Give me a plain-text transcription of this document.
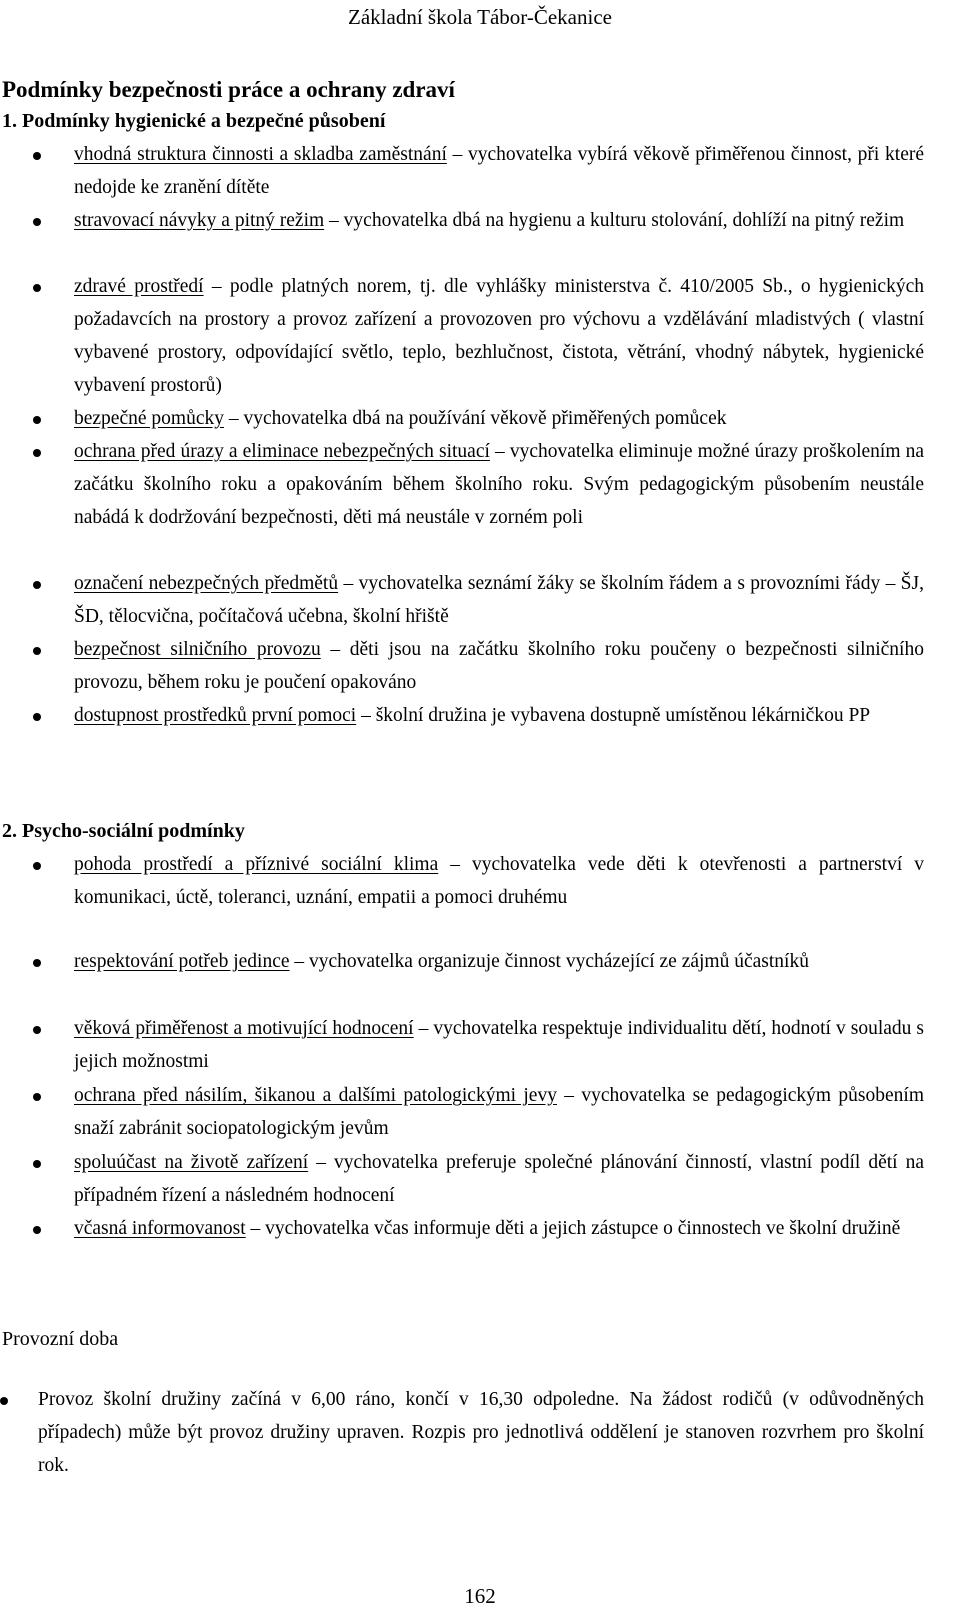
Základní škola Tábor-Čekanice
Podmínky bezpečnosti práce a ochrany zdraví
1. Podmínky hygienické a bezpečné působení
vhodná struktura činnosti a skladba zaměstnání – vychovatelka vybírá věkově přiměřenou činnost, při které nedojde ke zranění dítěte
stravovací návyky a pitný režim – vychovatelka dbá na hygienu a kulturu stolování, dohlíží na pitný režim
zdravé prostředí – podle platných norem, tj. dle vyhlášky ministerstva č. 410/2005 Sb., o hygienických požadavcích na prostory a provoz zařízení a provozoven pro výchovu a vzdělávání mladistvých ( vlastní vybavené prostory, odpovídající světlo, teplo, bezhlučnost, čistota, větrání, vhodný nábytek, hygienické vybavení prostorů)
bezpečné pomůcky – vychovatelka dbá na používání věkově přiměřených pomůcek
ochrana před úrazy a eliminace nebezpečných situací – vychovatelka eliminuje možné úrazy proškolením na začátku školního roku a opakováním během školního roku. Svým pedagogickým působením neustále nabádá k dodržování bezpečnosti, děti má neustále v zorném poli
označení nebezpečných předmětů – vychovatelka seznámí žáky se školním řádem a s provozními řády – ŠJ, ŠD, tělocvična, počítačová učebna, školní hřiště
bezpečnost silničního provozu – děti jsou na začátku školního roku poučeny o bezpečnosti silničního provozu, během roku je poučení opakováno
dostupnost prostředků první pomoci – školní družina je vybavena dostupně umístěnou lékárničkou PP
2. Psycho-sociální podmínky
pohoda prostředí a příznivé sociální klima – vychovatelka vede děti k otevřenosti a partnerství v komunikaci, úctě, toleranci, uznání, empatii a pomoci druhému
respektování potřeb jedince – vychovatelka organizuje činnost vycházející ze zájmů účastníků
věková přiměřenost a motivující hodnocení – vychovatelka respektuje individualitu dětí, hodnotí v souladu s jejich možnostmi
ochrana před násilím, šikanou a dalšími patologickými jevy – vychovatelka se pedagogickým působením snaží zabránit sociopatologickým jevům
spoluúčast na životě zařízení – vychovatelka preferuje společné plánování činností, vlastní podíl dětí na případném řízení a následném hodnocení
včasná informovanost – vychovatelka včas informuje děti a jejich zástupce o činnostech ve školní družině
Provozní doba
Provoz školní družiny začíná v 6,00 ráno, končí v 16,30 odpoledne. Na žádost rodičů (v odůvodněných případech) může být provoz družiny upraven. Rozpis pro jednotlivá oddělení je stanoven rozvrhem pro školní rok.
162
